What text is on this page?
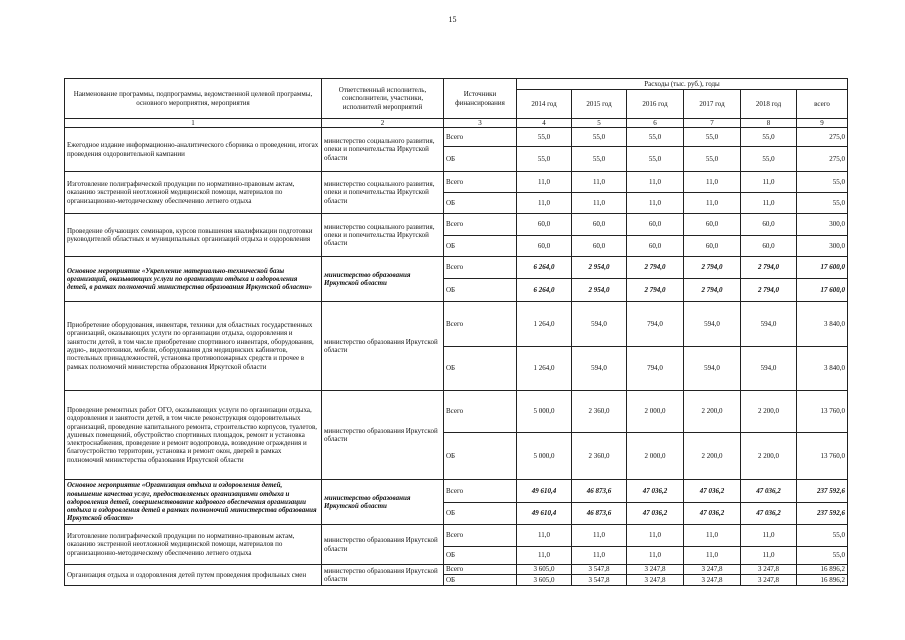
15
Наименование программы, подпрограммы, ведомственной целевой программы, основного мероприятия, мероприятия	Ответственный исполнитель, соисполнители, участники, исполнителй мероприятий	Источники финансирования	Расходы (тыс. руб.), годы					
			2014 год	2015 год	2016 год	2017 год	2018 год	всего
1	2	3	4	5	6	7	8	9
Ежегодное издание информационно-аналитического сборника о проведении, итогах проведения оздоровительной кампании	министерство социального развития, опеки и попечительства Иркутской области	Всего	55,0	55,0	55,0	55,0	55,0	275,0
		ОБ	55,0	55,0	55,0	55,0	55,0	275,0
Изготовление полиграфической продукции по нормативно-правовым актам, оказанию экстренной неотложной медицинской помощи, материалов по организационно-методическому обеспечению летнего отдыха	министерство социального развития, опеки и попечительства Иркутской области	Всего	11,0	11,0	11,0	11,0	11,0	55,0
		ОБ	11,0	11,0	11,0	11,0	11,0	55,0
Проведение обучающих семинаров, курсов повышения квалификации подготовки руководителей областных и муниципальных организаций отдыха и оздоровления	министерство социального развития, опеки и попечительства Иркутской области	Всего	60,0	60,0	60,0	60,0	60,0	300,0
		ОБ	60,0	60,0	60,0	60,0	60,0	300,0
Основное мероприятие «Укрепление материально-технической базы организаций, оказывающих услуги по организации отдыха и оздоровления детей, в рамках полномочий министерства образования Иркутской области»	министерство образования Иркутской области	Всего	6 264,0	2 954,0	2 794,0	2 794,0	2 794,0	17 600,0
		ОБ	6 264,0	2 954,0	2 794,0	2 794,0	2 794,0	17 600,0
Приобретение оборудования, инвентаря, техники для областных государственных организаций, оказывающих услуги по организации отдыха, оздоровления и занятости детей, в том числе приобретение спортивного инвентаря, оборудования, аудио-, видеотехники, мебели, оборудования для медицинских кабинетов, постельных принадлежностей, установка противопожарных средств и прочее в рамках полномочий министерства образования Иркутской области	министерство образования Иркутской области	Всего	1 264,0	594,0	794,0	594,0	594,0	3 840,0
		ОБ	1 264,0	594,0	794,0	594,0	594,0	3 840,0
Проведение ремонтных работ ОГО, оказывающих услуги по организации отдыха, оздоровления и занятости детей, в том числе реконструкция оздоровительных организаций, проведение капитального ремонта, строительство корпусов, туалетов, душевых помещений, обустройство спортивных площадок, ремонт и установка электроснабжения, проведение и ремонт водопровода, возведение ограждения и благоустройство территории, установка и ремонт окон, дверей в рамках полномочий министерства образования Иркутской области	министерство образования Иркутской области	Всего	5 000,0	2 360,0	2 000,0	2 200,0	2 200,0	13 760,0
		ОБ	5 000,0	2 360,0	2 000,0	2 200,0	2 200,0	13 760,0
Основное мероприятие «Организация отдыха и оздоровления детей, повышение качества услуг, предоставляемых организациями отдыха и оздоровления детей, совершенствование кадрового обеспечения организации отдыха и оздоровления детей в рамках полномочий министерства образования Иркутской области»	министерство образования Иркутской области	Всего	49 610,4	46 873,6	47 036,2	47 036,2	47 036,2	237 592,6
		ОБ	49 610,4	46 873,6	47 036,2	47 036,2	47 036,2	237 592,6
Изготовление полиграфической продукции по нормативно-правовым актам, оказанию экстренной неотложной медицинской помощи, материалов по организационно-методическому обеспечению летнего отдыха	министерство образования Иркутской области	Всего	11,0	11,0	11,0	11,0	11,0	55,0
		ОБ	11,0	11,0	11,0	11,0	11,0	55,0
Организация отдыха и оздоровления детей путем проведения профильных смен	министерство образования Иркутской области	Всего	3 605,0	3 547,8	3 247,8	3 247,8	3 247,8	16 896,2
		ОБ	3 605,0	3 547,8	3 247,8	3 247,8	3 247,8	16 896,2
